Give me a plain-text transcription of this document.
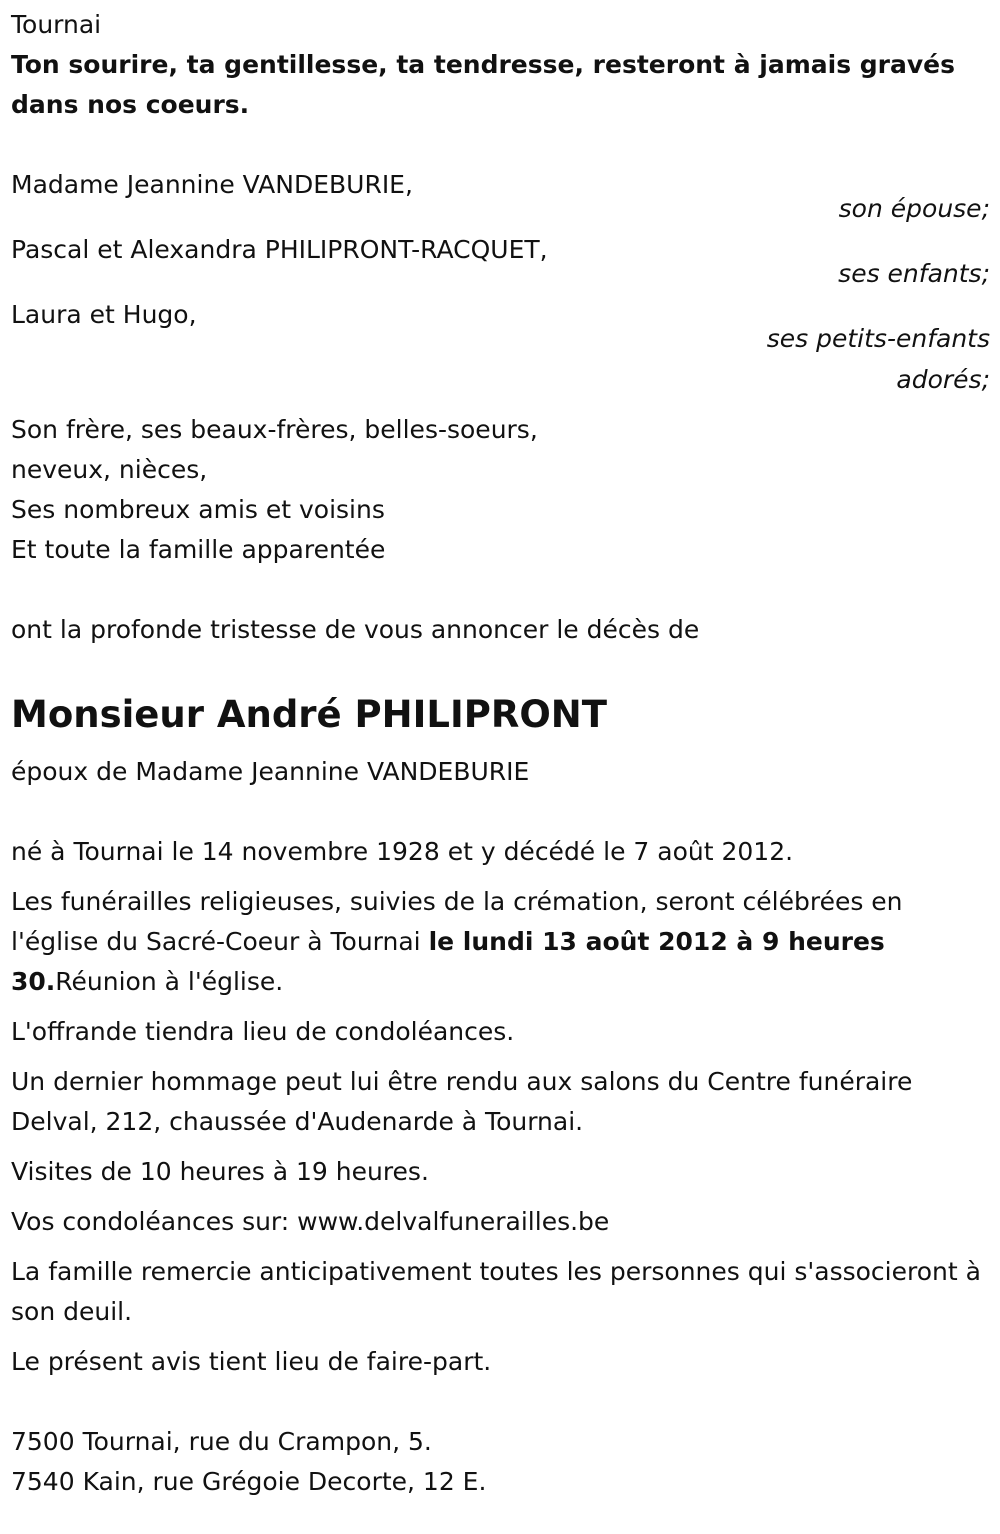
Tournai

Ton sourire, ta gentillesse, ta tendresse, resteront à jamais gravés dans nos coeurs.

Madame Jeannine VANDEBURIE,

son épouse;

Pascal et Alexandra PHILIPRONT-RACQUET,

ses enfants;

Laura et Hugo,

ses petits-enfants

adorés;

Son frère, ses beaux-frères, belles-soeurs,

neveux, nièces,

Ses nombreux amis et voisins

Et toute la famille apparentée

ont la profonde tristesse de vous annoncer le décès de

Monsieur André PHILIPRONT

époux de Madame Jeannine VANDEBURIE

né à Tournai le 14 novembre 1928 et y décédé le 7 août 2012.

Les funérailles religieuses, suivies de la crémation, seront célébrées en l'église du Sacré-Coeur à Tournai le lundi 13 août 2012 à 9 heures 30.Réunion à l'église.

L'offrande tiendra lieu de condoléances.

Un dernier hommage peut lui être rendu aux salons du Centre funéraire Delval, 212, chaussée d'Audenarde à Tournai.

Visites de 10 heures à 19 heures.

Vos condoléances sur: www.delvalfunerailles.be

La famille remercie anticipativement toutes les personnes qui s'associeront à son deuil.

Le présent avis tient lieu de faire-part.

7500 Tournai, rue du Crampon, 5.

7540 Kain, rue Grégoie Decorte, 12 E.
